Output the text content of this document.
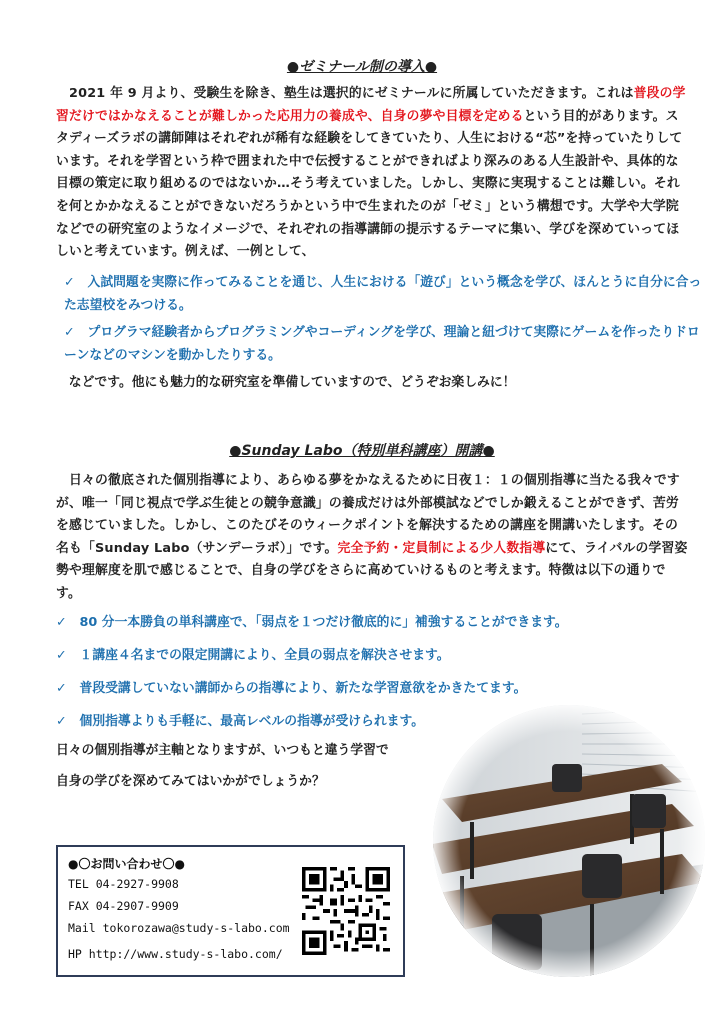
●ゼミナール制の導入●
　2021 年 9 月より、受験生を除き、塾生は選択的にゼミナールに所属していただきます。これは普段の学習だけではかなえることが難しかった応用力の養成や、自身の夢や目標を定めるという目的があります。スタディーズラボの講師陣はそれぞれが稀有な経験をしてきていたり、人生における“芯”を持っていたりしています。それを学習という枠で囲まれた中で伝授することができればより深みのある人生設計や、具体的な目標の策定に取り組めるのではないか…そう考えていました。しかし、実際に実現することは難しい。それを何とかかなえることができないだろうかという中で生まれたのが「ゼミ」という構想です。大学や大学院などでの研究室のようなイメージで、それぞれの指導講師の提示するテーマに集い、学びを深めていってほしいと考えています。例えば、一例として、
✓　入試問題を実際に作ってみることを通じ、人生における「遊び」という概念を学び、ほんとうに自分に合った志望校をみつける。
✓　プログラマ経験者からプログラミングやコーディングを学び、理論と紐づけて実際にゲームを作ったりドローンなどのマシンを動かしたりする。
　などです。他にも魅力的な研究室を準備していますので、どうぞお楽しみに！
●Sunday Labo（特別単科講座）開講●
　日々の徹底された個別指導により、あらゆる夢をかなえるために日夜１：１の個別指導に当たる我々ですが、唯一「同じ視点で学ぶ生徒との競争意識」の養成だけは外部模試などでしか鍛えることができず、苦労を感じていました。しかし、このたびそのウィークポイントを解決するための講座を開講いたします。その名も「Sunday Labo（サンデーラボ）」です。完全予約・定員制による少人数指導にて、ライバルの学習姿勢や理解度を肌で感じることで、自身の学びをさらに高めていけるものと考えます。特徴は以下の通りです。
✓　80 分一本勝負の単科講座で、「弱点を１つだけ徹底的に」補強することができます。
✓　１講座４名までの限定開講により、全員の弱点を解決させます。
✓　普段受講していない講師からの指導により、新たな学習意欲をかきたてます。
✓　個別指導よりも手軽に、最高レベルの指導が受けられます。
日々の個別指導が主軸となりますが、いつもと違う学習で
自身の学びを深めてみてはいかがでしょうか？
●〇お問い合わせ〇●
TEL 04-2927-9908
FAX 04-2907-9909
Mail tokorozawa@study-s-labo.com
HP http://www.study-s-labo.com/
